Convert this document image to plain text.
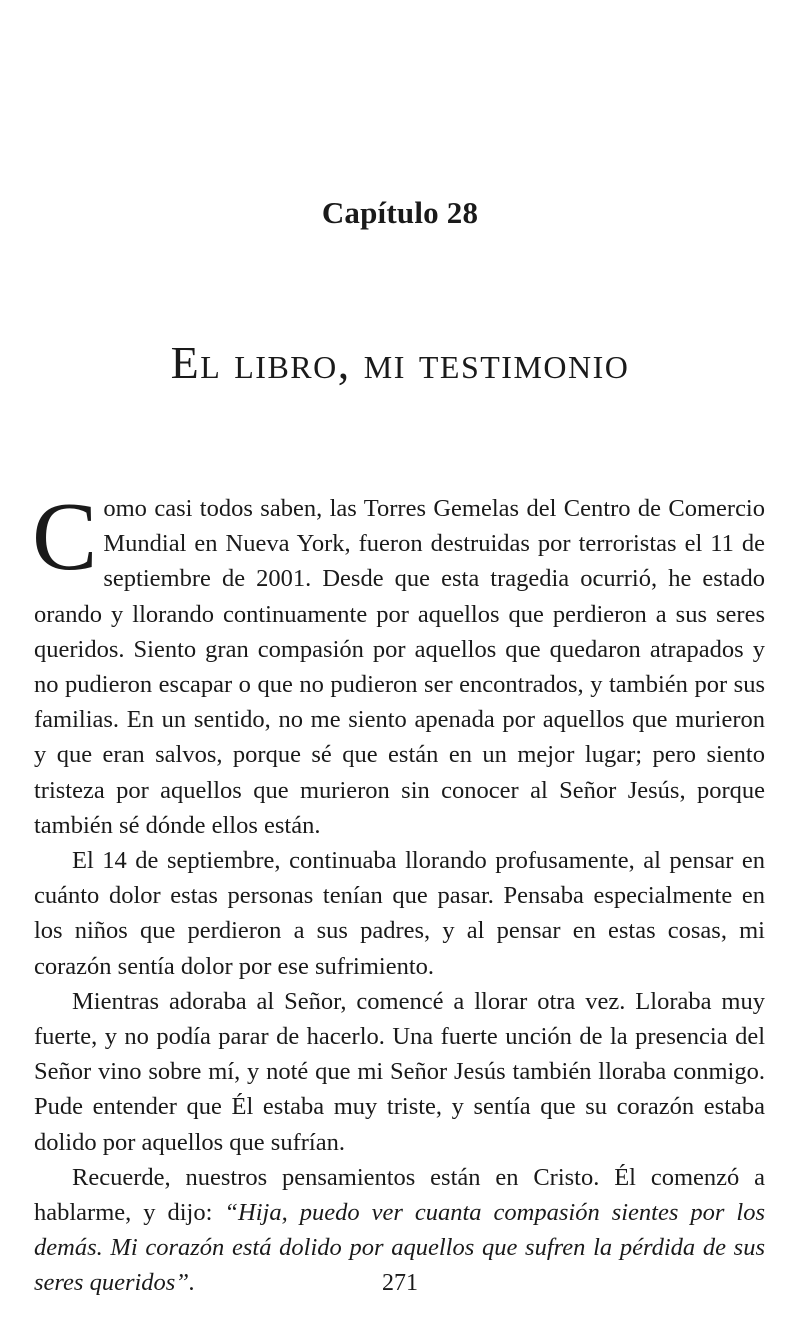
Capítulo 28
El libro, mi testimonio

Como casi todos saben, las Torres Gemelas del Centro de Comercio Mundial en Nueva York, fueron destruidas por terroristas el 11 de septiembre de 2001. Desde que esta tragedia ocurrió, he estado orando y llorando continuamente por aquellos que perdieron a sus seres queridos. Siento gran compasión por aquellos que quedaron atrapados y no pudieron escapar o que no pudieron ser encontrados, y también por sus familias. En un sentido, no me siento apenada por aquellos que murieron y que eran salvos, porque sé que están en un mejor lugar; pero siento tristeza por aquellos que murieron sin conocer al Señor Jesús, porque también sé dónde ellos están.

El 14 de septiembre, continuaba llorando profusamente, al pensar en cuánto dolor estas personas tenían que pasar. Pensaba especialmente en los niños que perdieron a sus padres, y al pensar en estas cosas, mi corazón sentía dolor por ese sufrimiento.

Mientras adoraba al Señor, comencé a llorar otra vez. Lloraba muy fuerte, y no podía parar de hacerlo. Una fuerte unción de la presencia del Señor vino sobre mí, y noté que mi Señor Jesús también lloraba conmigo. Pude entender que Él estaba muy triste, y sentía que su corazón estaba dolido por aquellos que sufrían.

Recuerde, nuestros pensamientos están en Cristo. Él comenzó a hablarme, y dijo: “Hija, puedo ver cuanta compasión sientes por los demás. Mi corazón está dolido por aquellos que sufren la pérdida de sus seres queridos”.	271
